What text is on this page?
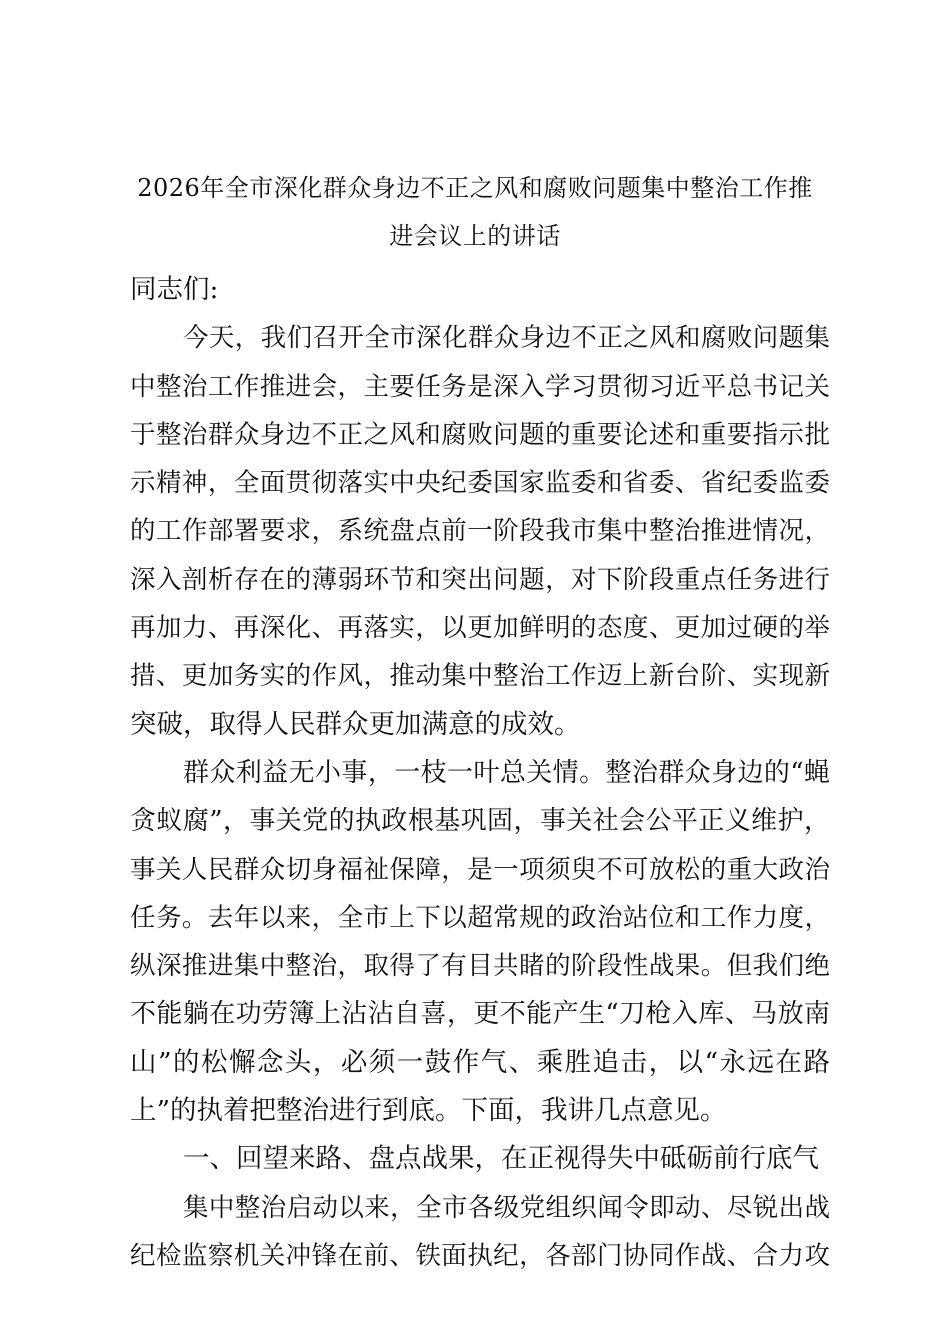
2026年全市深化群众身边不正之风和腐败问题集中整治工作推
进会议上的讲话
同志们:
今天，我们召开全市深化群众身边不正之风和腐败问题集
中整治工作推进会，主要任务是深入学习贯彻习近平总书记关
于整治群众身边不正之风和腐败问题的重要论述和重要指示批
示精神，全面贯彻落实中央纪委国家监委和省委、省纪委监委
的工作部署要求，系统盘点前一阶段我市集中整治推进情况，
深入剖析存在的薄弱环节和突出问题，对下阶段重点任务进行
再加力、再深化、再落实，以更加鲜明的态度、更加过硬的举
措、更加务实的作风，推动集中整治工作迈上新台阶、实现新
突破，取得人民群众更加满意的成效。
群众利益无小事，一枝一叶总关情。整治群众身边的“蝇
贪蚁腐”，事关党的执政根基巩固，事关社会公平正义维护，
事关人民群众切身福祉保障，是一项须臾不可放松的重大政治
任务。去年以来，全市上下以超常规的政治站位和工作力度，
纵深推进集中整治，取得了有目共睹的阶段性战果。但我们绝
不能躺在功劳簿上沾沾自喜，更不能产生“刀枪入库、马放南
山”的松懈念头，必须一鼓作气、乘胜追击，以“永远在路
上”的执着把整治进行到底。下面，我讲几点意见。
一、回望来路、盘点战果，在正视得失中砥砺前行底气
集中整治启动以来，全市各级党组织闻令即动、尽锐出战
纪检监察机关冲锋在前、铁面执纪，各部门协同作战、合力攻
